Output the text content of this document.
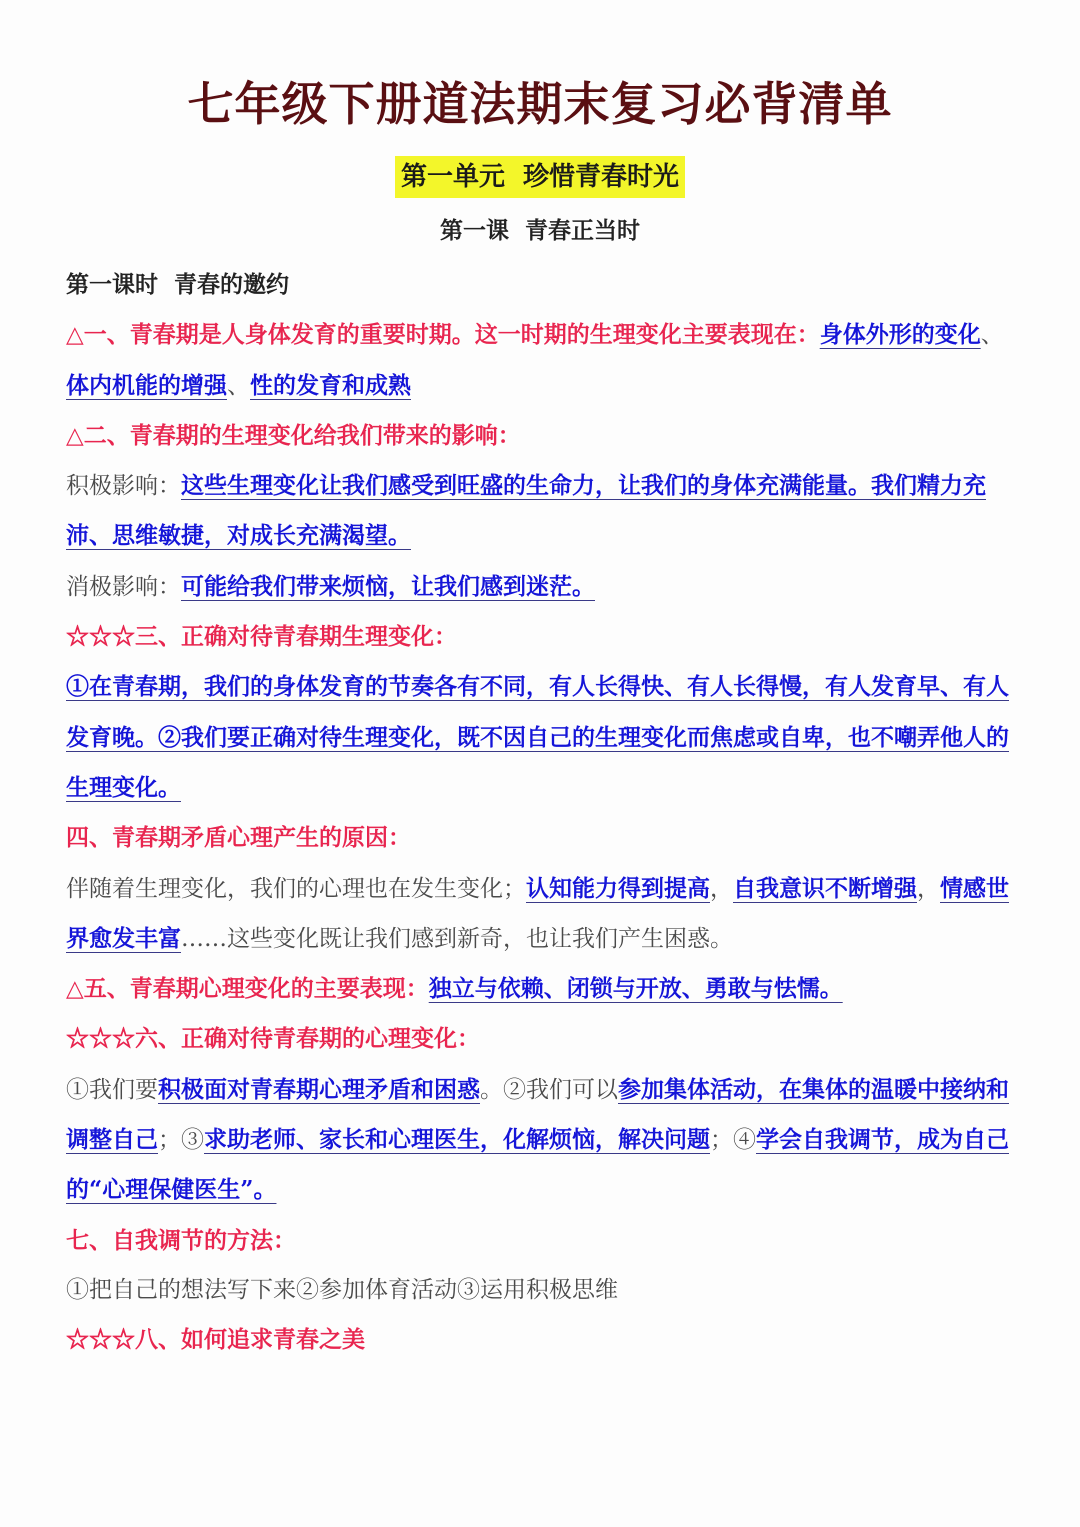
七年级下册道法期末复习必背清单
第一单元  珍惜青春时光
第一课  青春正当时

第一课时  青春的邀约

△一、青春期是人身体发育的重要时期。这一时期的生理变化主要表现在：身体外形的变化、体内机能的增强、性的发育和成熟

△二、青春期的生理变化给我们带来的影响：

积极影响：这些生理变化让我们感受到旺盛的生命力，让我们的身体充满能量。我们精力充沛、思维敏捷，对成长充满渴望。

消极影响：可能给我们带来烦恼，让我们感到迷茫。

☆☆☆三、正确对待青春期生理变化：

①在青春期，我们的身体发育的节奏各有不同，有人长得快、有人长得慢，有人发育早、有人发育晚。②我们要正确对待生理变化，既不因自己的生理变化而焦虑或自卑，也不嘲弄他人的生理变化。

四、青春期矛盾心理产生的原因：

伴随着生理变化，我们的心理也在发生变化；认知能力得到提高，自我意识不断增强，情感世界愈发丰富……这些变化既让我们感到新奇，也让我们产生困惑。

△五、青春期心理变化的主要表现：独立与依赖、闭锁与开放、勇敢与怯懦。

☆☆☆六、正确对待青春期的心理变化：

①我们要积极面对青春期心理矛盾和困惑。②我们可以参加集体活动，在集体的温暖中接纳和调整自己；③求助老师、家长和心理医生，化解烦恼，解决问题；④学会自我调节，成为自己的“心理保健医生”。

七、自我调节的方法：

①把自己的想法写下来②参加体育活动③运用积极思维

☆☆☆八、如何追求青春之美
